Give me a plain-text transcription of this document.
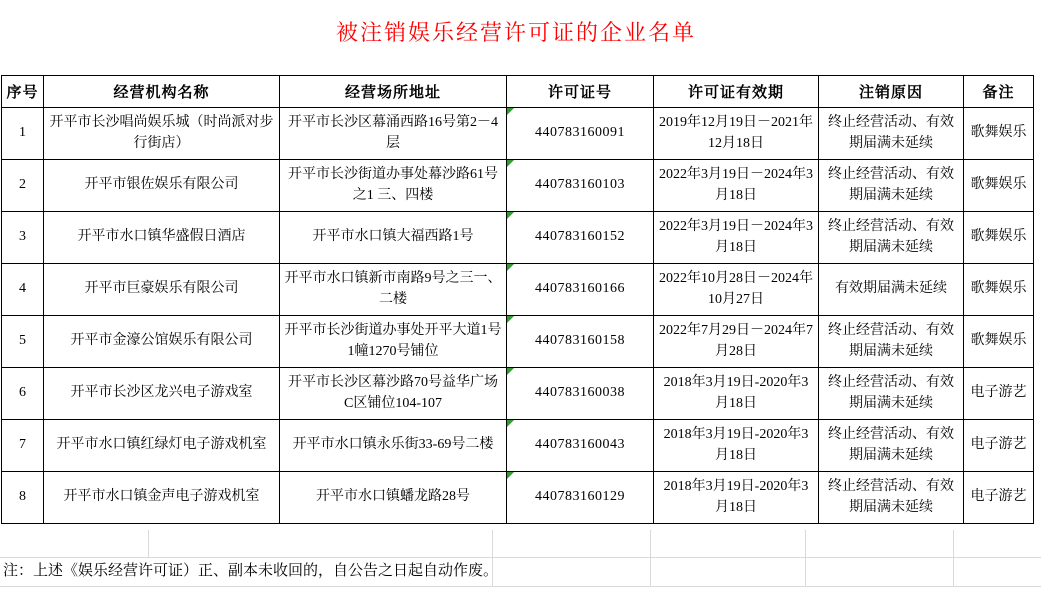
被注销娱乐经营许可证的企业名单
序号	经营机构名称	经营场所地址	许可证号	许可证有效期	注销原因	备注
1	开平市长沙唱尚娱乐城（时尚派对步行街店）	开平市长沙区幕涌西路16号第2－4层	440783160091	2019年12月19日－2021年12月18日	终止经营活动、有效期届满未延续	歌舞娱乐
2	开平市银佐娱乐有限公司	开平市长沙街道办事处幕沙路61号之1 三、四楼	440783160103	2022年3月19日－2024年3月18日	终止经营活动、有效期届满未延续	歌舞娱乐
3	开平市水口镇华盛假日酒店	开平市水口镇大福西路1号	440783160152	2022年3月19日－2024年3月18日	终止经营活动、有效期届满未延续	歌舞娱乐
4	开平市巨豪娱乐有限公司	开平市水口镇新市南路9号之三一、二楼	440783160166	2022年10月28日－2024年10月27日	有效期届满未延续	歌舞娱乐
5	开平市金濠公馆娱乐有限公司	开平市长沙街道办事处开平大道1号1幢1270号铺位	440783160158	2022年7月29日－2024年7月28日	终止经营活动、有效期届满未延续	歌舞娱乐
6	开平市长沙区龙兴电子游戏室	开平市长沙区幕沙路70号益华广场C区铺位104-107	440783160038	2018年3月19日-2020年3月18日	终止经营活动、有效期届满未延续	电子游艺
7	开平市水口镇红绿灯电子游戏机室	开平市水口镇永乐街33-69号二楼	440783160043	2018年3月19日-2020年3月18日	终止经营活动、有效期届满未延续	电子游艺
8	开平市水口镇金声电子游戏机室	开平市水口镇蟠龙路28号	440783160129	2018年3月19日-2020年3月18日	终止经营活动、有效期届满未延续	电子游艺
注：上述《娱乐经营许可证）正、副本未收回的，自公告之日起自动作废。
